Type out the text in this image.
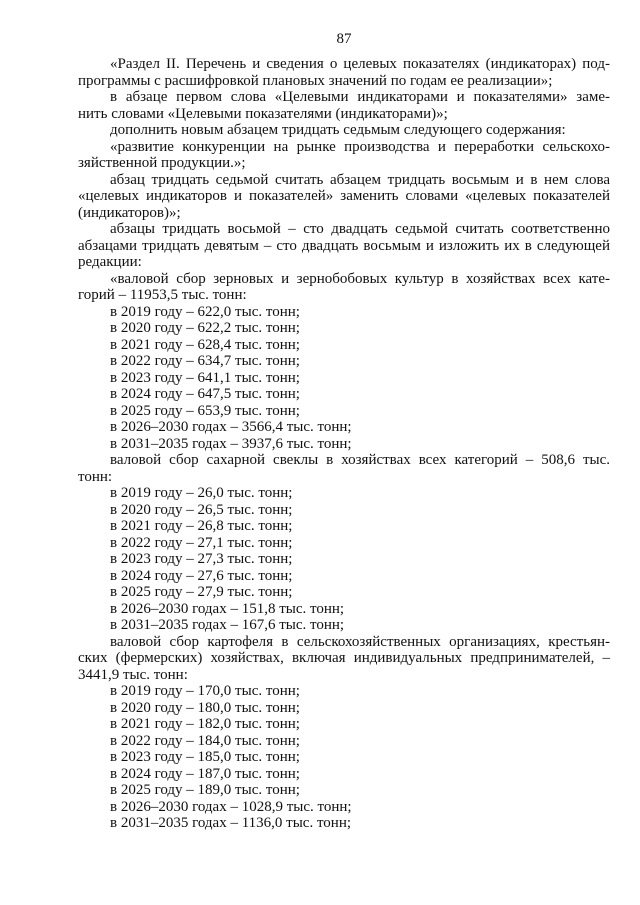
87
«Раздел II. Перечень и сведения о целевых показателях (индикаторах) под-
программы с расшифровкой плановых значений по годам ее реализации»;
в абзаце первом слова «Целевыми индикаторами и показателями» заме-
нить словами «Целевыми показателями (индикаторами)»;
дополнить новым абзацем тридцать седьмым следующего содержания:
«развитие конкуренции на рынке производства и переработки сельскохо-
зяйственной продукции.»;
абзац тридцать седьмой считать абзацем тридцать восьмым и в нем слова
«целевых индикаторов и показателей» заменить словами «целевых показателей
(индикаторов)»;
абзацы тридцать восьмой – сто двадцать седьмой считать соответственно
абзацами тридцать девятым – сто двадцать восьмым и изложить их в следующей
редакции:
«валовой сбор зерновых и зернобобовых культур в хозяйствах всех кате-
горий – 11953,5 тыс. тонн:
в 2019 году – 622,0 тыс. тонн;
в 2020 году – 622,2 тыс. тонн;
в 2021 году – 628,4 тыс. тонн;
в 2022 году – 634,7 тыс. тонн;
в 2023 году – 641,1 тыс. тонн;
в 2024 году – 647,5 тыс. тонн;
в 2025 году – 653,9 тыс. тонн;
в 2026–2030 годах – 3566,4 тыс. тонн;
в 2031–2035 годах – 3937,6 тыс. тонн;
валовой сбор сахарной свеклы в хозяйствах всех категорий – 508,6 тыс.
тонн:
в 2019 году – 26,0 тыс. тонн;
в 2020 году – 26,5 тыс. тонн;
в 2021 году – 26,8 тыс. тонн;
в 2022 году – 27,1 тыс. тонн;
в 2023 году – 27,3 тыс. тонн;
в 2024 году – 27,6 тыс. тонн;
в 2025 году – 27,9 тыс. тонн;
в 2026–2030 годах – 151,8 тыс. тонн;
в 2031–2035 годах – 167,6 тыс. тонн;
валовой сбор картофеля в сельскохозяйственных организациях, крестьян-
ских (фермерских) хозяйствах, включая индивидуальных предпринимателей, –
3441,9 тыс. тонн:
в 2019 году – 170,0 тыс. тонн;
в 2020 году – 180,0 тыс. тонн;
в 2021 году – 182,0 тыс. тонн;
в 2022 году – 184,0 тыс. тонн;
в 2023 году – 185,0 тыс. тонн;
в 2024 году – 187,0 тыс. тонн;
в 2025 году – 189,0 тыс. тонн;
в 2026–2030 годах – 1028,9 тыс. тонн;
в 2031–2035 годах – 1136,0 тыс. тонн;
